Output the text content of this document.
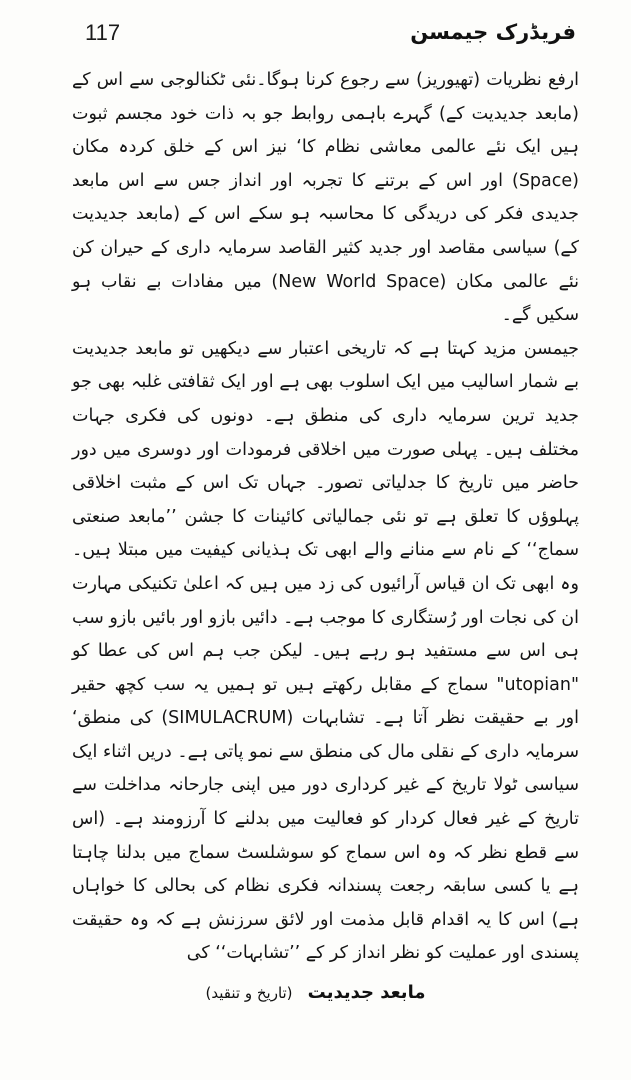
117	فریڈرک جیمسن

ارفع نظریات (تھیوریز) سے رجوع کرنا ہوگا۔نئی ٹکنالوجی سے اس کے (مابعد جدیدیت کے) گہرے باہمی روابط جو بہ ذات خود مجسم ثبوت ہیں ایک نئے عالمی معاشی نظام کا‘ نیز اس کے خلق کردہ مکان (Space) اور اس کے برتنے کا تجربہ اور انداز جس سے اس مابعد جدیدی فکر کی دریدگی کا محاسبہ ہو سکے اس کے (مابعد جدیدیت کے) سیاسی مقاصد اور جدید کثیر القاصد سرمایہ داری کے حیران کن نئے عالمی مکان (New World Space) میں مفادات بے نقاب ہو سکیں گے۔

جیمسن مزید کہتا ہے کہ تاریخی اعتبار سے دیکھیں تو مابعد جدیدیت بے شمار اسالیب میں ایک اسلوب بھی ہے اور ایک ثقافتی غلبہ بھی جو جدید ترین سرمایہ داری کی منطق ہے۔ دونوں کی فکری جہات مختلف ہیں۔ پہلی صورت میں اخلاقی فرمودات اور دوسری میں دور حاضر میں تاریخ کا جدلیاتی تصور۔ جہاں تک اس کے مثبت اخلاقی پہلوؤں کا تعلق ہے تو نئی جمالیاتی کائینات کا جشن ’’مابعد صنعتی سماج‘‘ کے نام سے منانے والے ابھی تک ہذیانی کیفیت میں مبتلا ہیں۔ وہ ابھی تک ان قیاس آرائیوں کی زد میں ہیں کہ اعلیٰ تکنیکی مہارت ان کی نجات اور رُستگاری کا موجب ہے۔ دائیں بازو اور بائیں بازو سب ہی اس سے مستفید ہو رہے ہیں۔ لیکن جب ہم اس کی عطا کو "utopian" سماج کے مقابل رکھتے ہیں تو ہمیں یہ سب کچھ حقیر اور بے حقیقت نظر آتا ہے۔ تشابہات (SIMULACRUM) کی منطق‘ سرمایہ داری کے نقلی مال کی منطق سے نمو پاتی ہے۔ دریں اثناء ایک سیاسی ٹولا تاریخ کے غیر کرداری دور میں اپنی جارحانہ مداخلت سے تاریخ کے غیر فعال کردار کو فعالیت میں بدلنے کا آرزومند ہے۔ (اس سے قطع نظر کہ وہ اس سماج کو سوشلسٹ سماج میں بدلنا چاہتا ہے یا کسی سابقہ رجعت پسندانہ فکری نظام کی بحالی کا خواہاں ہے) اس کا یہ اقدام قابل مذمت اور لائق سرزنش ہے کہ وہ حقیقت پسندی اور عملیت کو نظر انداز کر کے ’’تشابہات‘‘ کی

مابعد جدیدیت (تاریخ و تنقید)
